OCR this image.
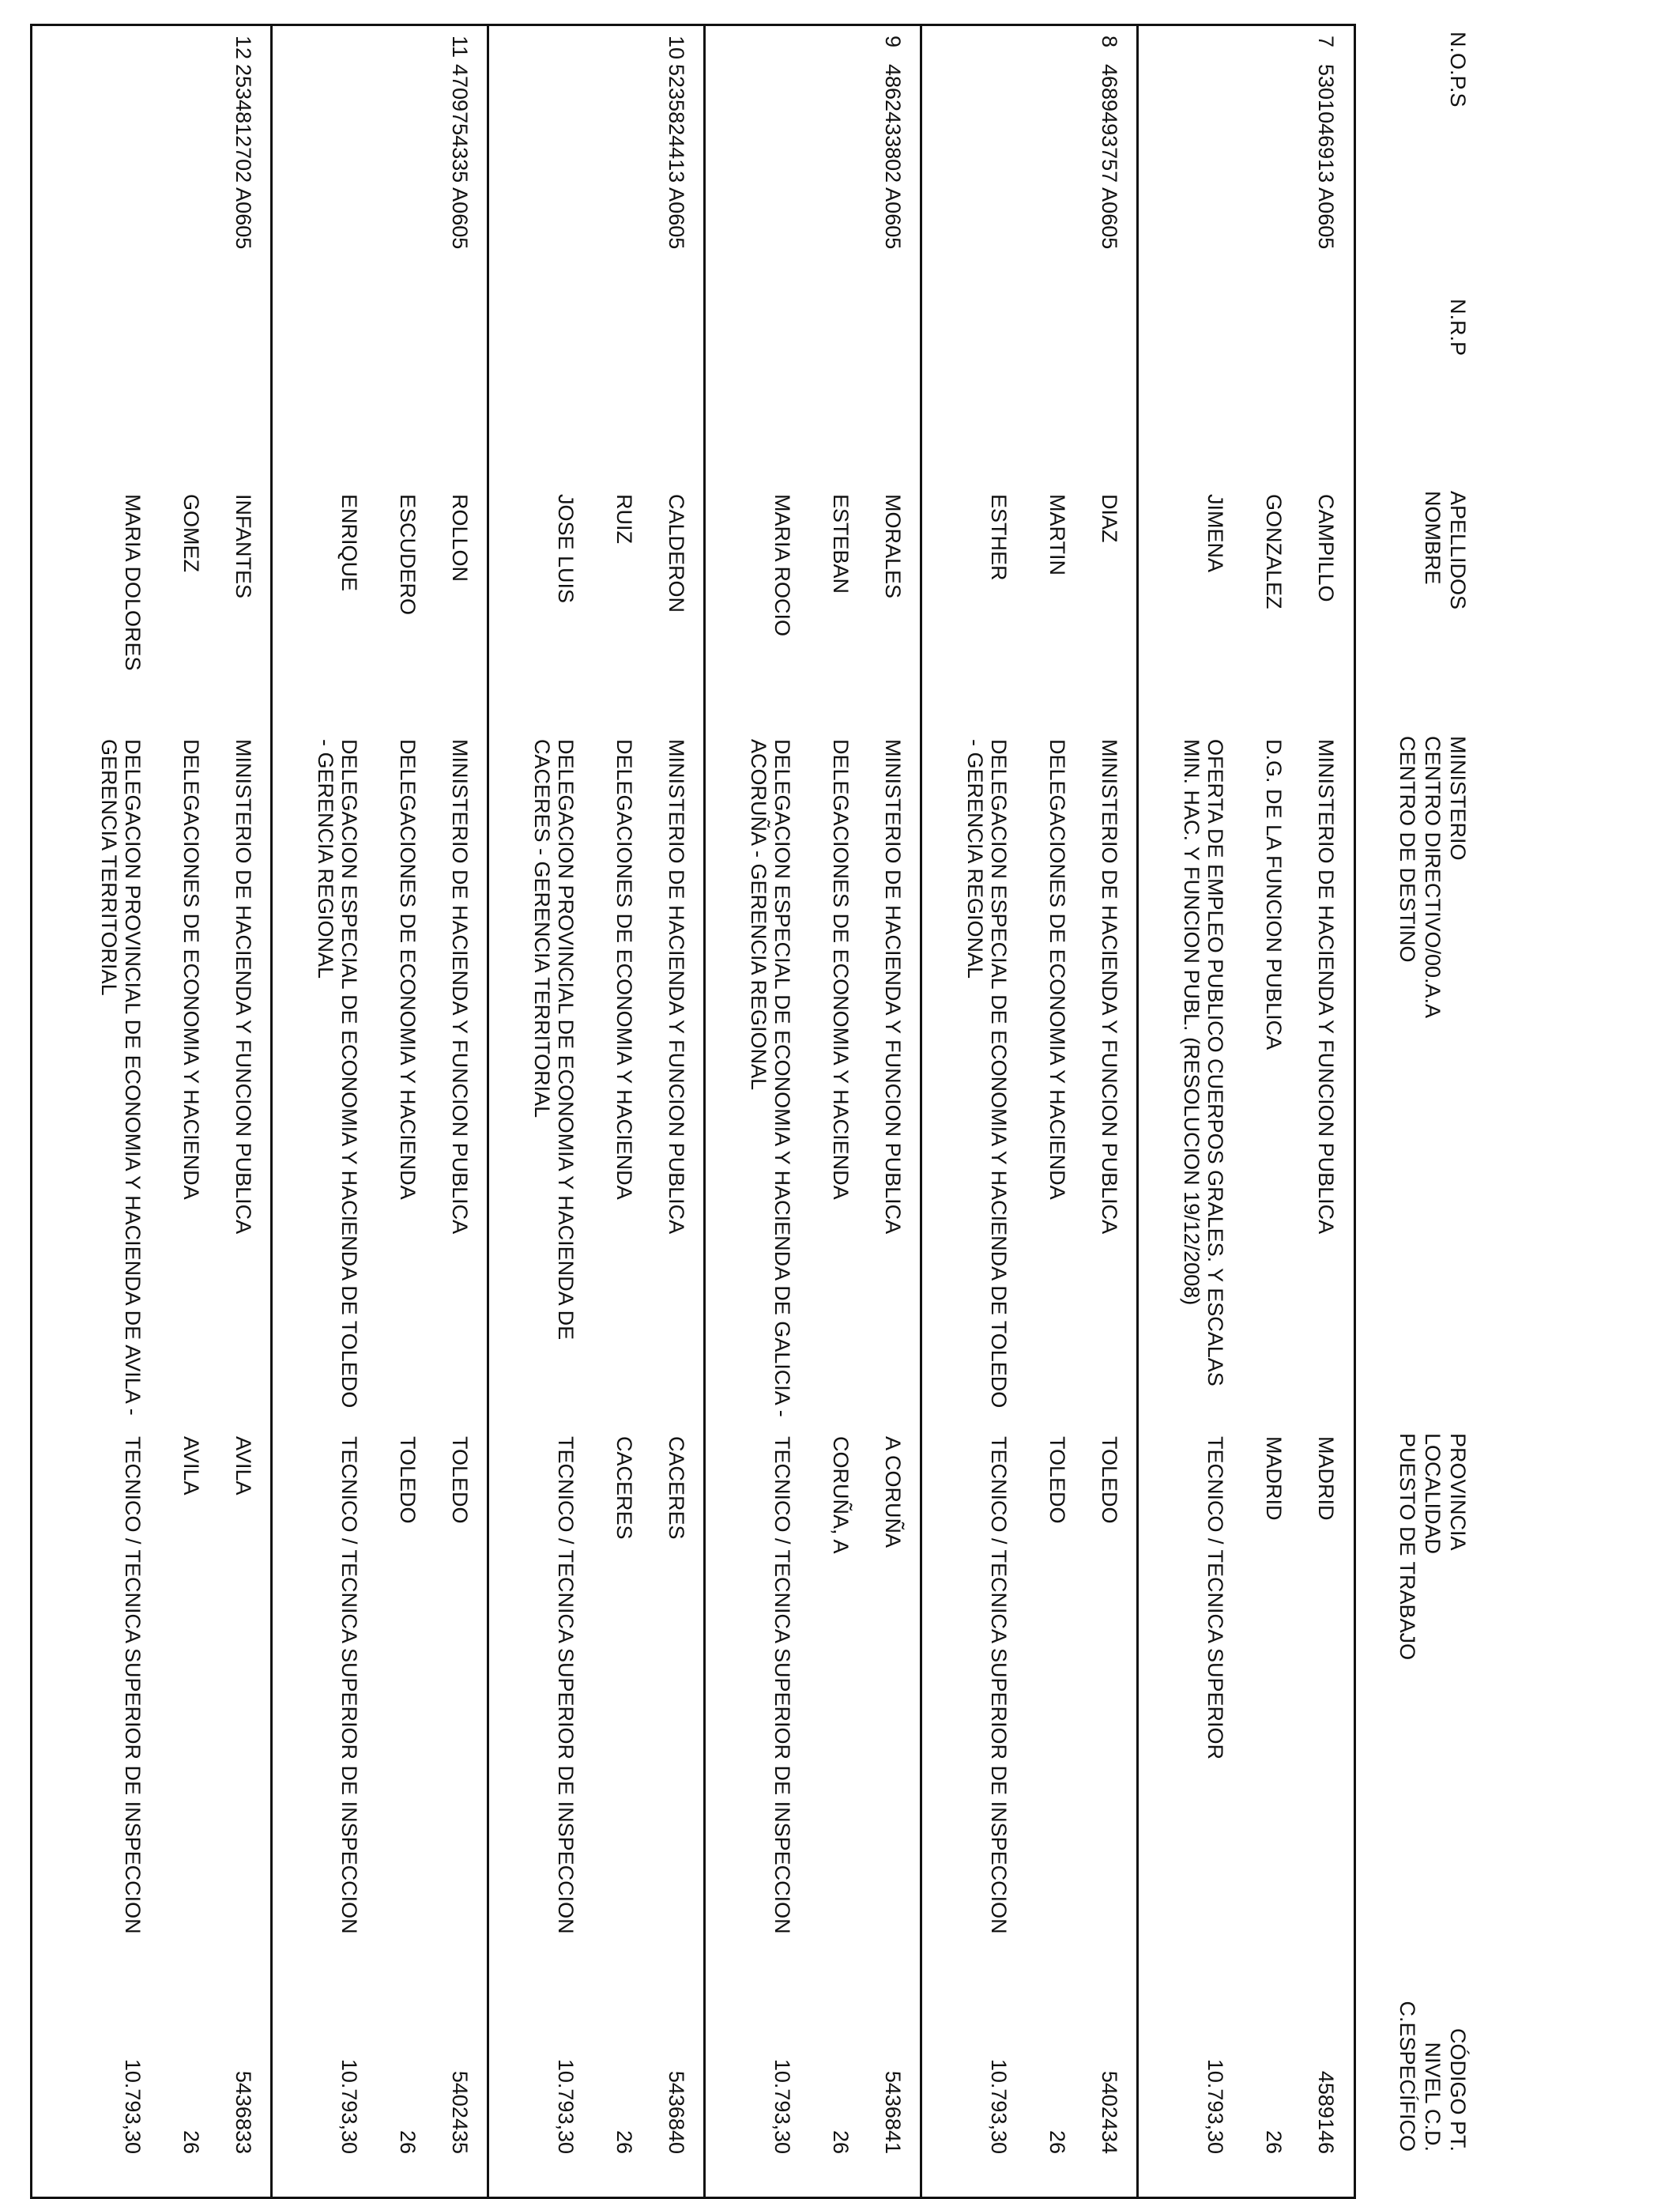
N.O.P.S
N.R.P
APELLIDOS
NOMBRE
MINISTERIO
CENTRO DIRECTIVO/00.A.A
CENTRO DE DESTINO
PROVINCIA
LOCALIDAD
PUESTO DE TRABAJO
CÓDIGO PT.
NIVEL C.D.
C.ESPECÍFICO
7
5301046913 A0605
CAMPILLO
GONZALEZ
JIMENA
MINISTERIO DE HACIENDA Y FUNCION PUBLICA
D.G. DE LA FUNCION PUBLICA
OFERTA DE EMPLEO PUBLICO CUERPOS GRALES. Y ESCALAS MIN. HAC. Y FUNCION PUBL. (RESOLUCION 19/12/2008)
MADRID
MADRID
TECNICO / TECNICA SUPERIOR
4589146
26
10.793,30
8
4689493757 A0605
DIAZ
MARTIN
ESTHER
MINISTERIO DE HACIENDA Y FUNCION PUBLICA
DELEGACIONES DE ECONOMIA Y HACIENDA
DELEGACION ESPECIAL DE ECONOMIA Y HACIENDA DE TOLEDO - GERENCIA REGIONAL
TOLEDO
TOLEDO
TECNICO / TECNICA SUPERIOR DE INSPECCION
5402434
26
10.793,30
9
4862433802 A0605
MORALES
ESTEBAN
MARIA ROCIO
MINISTERIO DE HACIENDA Y FUNCION PUBLICA
DELEGACIONES DE ECONOMIA Y HACIENDA
DELEGACION ESPECIAL DE ECONOMIA Y HACIENDA DE GALICIA - ACORUÑA - GERENCIA REGIONAL
A CORUÑA
CORUÑA, A
TECNICO / TECNICA SUPERIOR DE INSPECCION
5436841
26
10.793,30
10
5235824413 A0605
CALDERON
RUIZ
JOSE LUIS
MINISTERIO DE HACIENDA Y FUNCION PUBLICA
DELEGACIONES DE ECONOMIA Y HACIENDA
DELEGACION PROVINCIAL DE ECONOMIA Y HACIENDA DE CACERES - GERENCIA TERRITORIAL
CACERES
CACERES
TECNICO / TECNICA SUPERIOR DE INSPECCION
5436840
26
10.793,30
11
4709754335 A0605
ROLLON
ESCUDERO
ENRIQUE
MINISTERIO DE HACIENDA Y FUNCION PUBLICA
DELEGACIONES DE ECONOMIA Y HACIENDA
DELEGACION ESPECIAL DE ECONOMIA Y HACIENDA DE TOLEDO - GERENCIA REGIONAL
TOLEDO
TOLEDO
TECNICO / TECNICA SUPERIOR DE INSPECCION
5402435
26
10.793,30
12
2534812702 A0605
INFANTES
GOMEZ
MARIA DOLORES
MINISTERIO DE HACIENDA Y FUNCION PUBLICA
DELEGACIONES DE ECONOMIA Y HACIENDA
DELEGACION PROVINCIAL DE ECONOMIA Y HACIENDA DE AVILA - GERENCIA TERRITORIAL
AVILA
AVILA
TECNICO / TECNICA SUPERIOR DE INSPECCION
5436833
26
10.793,30
